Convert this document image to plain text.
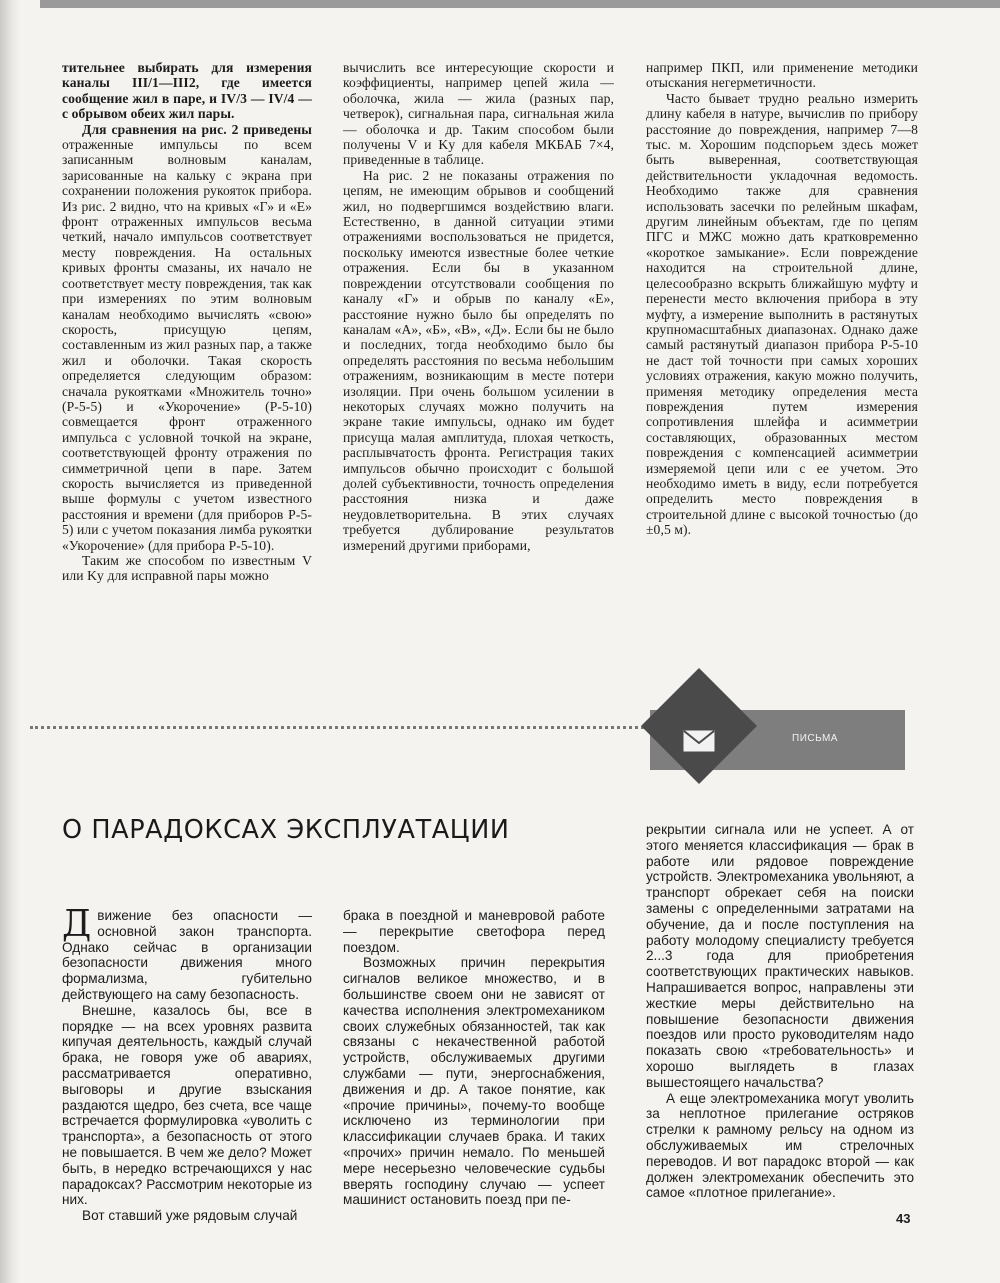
тительнее выбирать для измерения каналы III/1—III2, где имеется сообщение жил в паре, и IV/3 — IV/4 — с обрывом обеих жил пары.

Для сравнения на рис. 2 приведены отраженные импульсы по всем записанным волновым каналам, зарисованные на кальку с экрана при сохранении положения рукояток прибора. Из рис. 2 видно, что на кривых «Г» и «Е» фронт отраженных импульсов весьма четкий, начало импульсов соответствует месту повреждения. На остальных кривых фронты смазаны, их начало не соответствует месту повреждения, так как при измерениях по этим волновым каналам необходимо вычислять «свою» скорость, присущую цепям, составленным из жил разных пар, а также жил и оболочки. Такая скорость определяется следующим образом: сначала рукоятками «Множитель точно» (Р-5-5) и «Укорочение» (Р-5-10) совмещается фронт отраженного импульса с условной точкой на экране, соответствующей фронту отражения по симметричной цепи в паре. Затем скорость вычисляется из приведенной выше формулы с учетом известного расстояния и времени (для приборов Р-5-5) или с учетом показания лимба рукоятки «Укорочение» (для прибора Р-5-10).

Таким же способом по известным V или Kу для исправной пары можно

вычислить все интересующие скорости и коэффициенты, например цепей жила — оболочка, жила — жила (разных пар, четверок), сигнальная пара, сигнальная жила — оболочка и др. Таким способом были получены V и Kу для кабеля МКБАБ 7×4, приведенные в таблице.

На рис. 2 не показаны отражения по цепям, не имеющим обрывов и сообщений жил, но подвергшимся воздействию влаги. Естественно, в данной ситуации этими отражениями воспользоваться не придется, поскольку имеются известные более четкие отражения. Если бы в указанном повреждении отсутствовали сообщения по каналу «Г» и обрыв по каналу «Е», расстояние нужно было бы определять по каналам «А», «Б», «В», «Д». Если бы не было и последних, тогда необходимо было бы определять расстояния по весьма небольшим отражениям, возникающим в месте потери изоляции. При очень большом усилении в некоторых случаях можно получить на экране такие импульсы, однако им будет присуща малая амплитуда, плохая четкость, расплывчатость фронта. Регистрация таких импульсов обычно происходит с большой долей субъективности, точность определения расстояния низка и даже неудовлетворительна. В этих случаях требуется дублирование результатов измерений другими приборами,

например ПКП, или применение методики отыскания негерметичности.

Часто бывает трудно реально измерить длину кабеля в натуре, вычислив по прибору расстояние до повреждения, например 7—8 тыс. м. Хорошим подспорьем здесь может быть выверенная, соответствующая действительности укладочная ведомость. Необходимо также для сравнения использовать засечки по релейным шкафам, другим линейным объектам, где по цепям ПГС и МЖС можно дать кратковременно «короткое замыкание». Если повреждение находится на строительной длине, целесообразно вскрыть ближайшую муфту и перенести место включения прибора в эту муфту, а измерение выполнить в растянутых крупномасштабных диапазонах. Однако даже самый растянутый диапазон прибора Р-5-10 не даст той точности при самых хороших условиях отражения, какую можно получить, применяя методику определения места повреждения путем измерения сопротивления шлейфа и асимметрии составляющих, образованных местом повреждения с компенсацией асимметрии измеряемой цепи или с ее учетом. Это необходимо иметь в виду, если потребуется определить место повреждения в строительной длине с высокой точностью (до ±0,5 м).

ПИСЬМА
О ПАРАДОКСАХ ЭКСПЛУАТАЦИИ

Движение без опасности — основной закон транспорта. Однако сейчас в организации безопасности движения много формализма, губительно действующего на саму безопасность.

Внешне, казалось бы, все в порядке — на всех уровнях развита кипучая деятельность, каждый случай брака, не говоря уже об авариях, рассматривается оперативно, выговоры и другие взыскания раздаются щедро, без счета, все чаще встречается формулировка «уволить с транспорта», а безопасность от этого не повышается. В чем же дело? Может быть, в нередко встречающихся у нас парадоксах? Рассмотрим некоторые из них.

Вот ставший уже рядовым случай

брака в поездной и маневровой работе — перекрытие светофора перед поездом.

Возможных причин перекрытия сигналов великое множество, и в большинстве своем они не зависят от качества исполнения электромехаником своих служебных обязанностей, так как связаны с некачественной работой устройств, обслуживаемых другими службами — пути, энергоснабжения, движения и др. А такое понятие, как «прочие причины», почему-то вообще исключено из терминологии при классификации случаев брака. И таких «прочих» причин немало. По меньшей мере несерьезно человеческие судьбы вверять господину случаю — успеет машинист остановить поезд при пе-

рекрытии сигнала или не успеет. А от этого меняется классификация — брак в работе или рядовое повреждение устройств. Электромеханика увольняют, а транспорт обрекает себя на поиски замены с определенными затратами на обучение, да и после поступления на работу молодому специалисту требуется 2...3 года для приобретения соответствующих практических навыков. Напрашивается вопрос, направлены эти жесткие меры действительно на повышение безопасности движения поездов или просто руководителям надо показать свою «требовательность» и хорошо выглядеть в глазах вышестоящего начальства?

А еще электромеханика могут уволить за неплотное прилегание остряков стрелки к рамному рельсу на одном из обслуживаемых им стрелочных переводов. И вот парадокс второй — как должен электромеханик обеспечить это самое «плотное прилегание».

43
